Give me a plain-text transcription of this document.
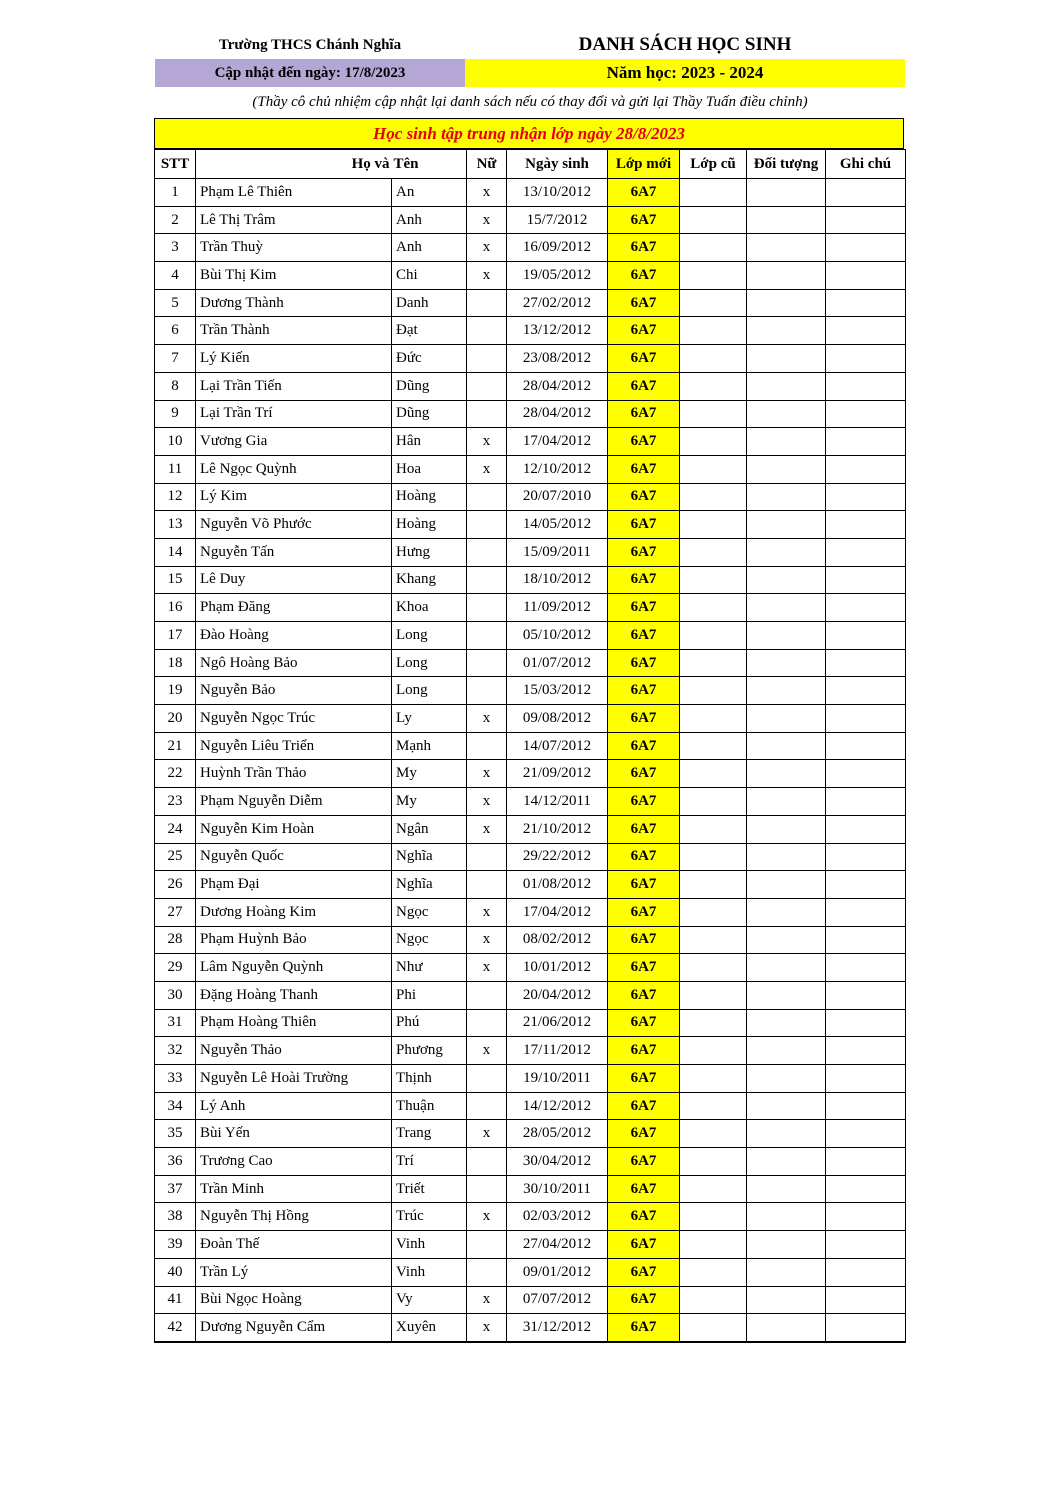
Trường THCS Chánh Nghĩa	DANH SÁCH HỌC SINH
Cập nhật đến ngày: 17/8/2023	Năm học: 2023 - 2024
(Thầy cô chủ nhiệm cập nhật lại danh sách nếu có thay đổi và gửi lại Thầy Tuấn điều chỉnh)
Học sinh tập trung nhận lớp ngày 28/8/2023
STT	Họ và	Tên	Nữ	Ngày sinh	Lớp mới	Lớp cũ	Đối tượng	Ghi chú
1	Phạm Lê Thiên	An	x	13/10/2012	6A7			
2	Lê Thị Trâm	Anh	x	15/7/2012	6A7			
3	Trần Thuỳ	Anh	x	16/09/2012	6A7			
4	Bùi Thị Kim	Chi	x	19/05/2012	6A7			
5	Dương Thành	Danh		27/02/2012	6A7			
6	Trần Thành	Đạt		13/12/2012	6A7			
7	Lý Kiến	Đức		23/08/2012	6A7			
8	Lại Trần Tiến	Dũng		28/04/2012	6A7			
9	Lại Trần Trí	Dũng		28/04/2012	6A7			
10	Vương Gia	Hân	x	17/04/2012	6A7			
11	Lê Ngọc Quỳnh	Hoa	x	12/10/2012	6A7			
12	Lý Kim	Hoàng		20/07/2010	6A7			
13	Nguyễn Võ Phước	Hoàng		14/05/2012	6A7			
14	Nguyễn Tấn	Hưng		15/09/2011	6A7			
15	Lê Duy	Khang		18/10/2012	6A7			
16	Phạm Đăng	Khoa		11/09/2012	6A7			
17	Đào Hoàng	Long		05/10/2012	6A7			
18	Ngô Hoàng Bảo	Long		01/07/2012	6A7			
19	Nguyễn Bảo	Long		15/03/2012	6A7			
20	Nguyễn Ngọc Trúc	Ly	x	09/08/2012	6A7			
21	Nguyễn Liêu Triển	Mạnh		14/07/2012	6A7			
22	Huỳnh Trần Thảo	My	x	21/09/2012	6A7			
23	Phạm Nguyễn Diễm	My	x	14/12/2011	6A7			
24	Nguyễn Kim Hoàn	Ngân	x	21/10/2012	6A7			
25	Nguyễn Quốc	Nghĩa		29/22/2012	6A7			
26	Phạm Đại	Nghĩa		01/08/2012	6A7			
27	Dương Hoàng Kim	Ngọc	x	17/04/2012	6A7			
28	Phạm Huỳnh Bảo	Ngọc	x	08/02/2012	6A7			
29	Lâm Nguyễn Quỳnh	Như	x	10/01/2012	6A7			
30	Đặng Hoàng Thanh	Phi		20/04/2012	6A7			
31	Phạm Hoàng Thiên	Phú		21/06/2012	6A7			
32	Nguyễn Thảo	Phương	x	17/11/2012	6A7			
33	Nguyễn Lê Hoài Trường	Thịnh		19/10/2011	6A7			
34	Lý Anh	Thuận		14/12/2012	6A7			
35	Bùi Yến	Trang	x	28/05/2012	6A7			
36	Trương Cao	Trí		30/04/2012	6A7			
37	Trần Minh	Triết		30/10/2011	6A7			
38	Nguyễn Thị Hồng	Trúc	x	02/03/2012	6A7			
39	Đoàn Thế	Vinh		27/04/2012	6A7			
40	Trần Lý	Vinh		09/01/2012	6A7			
41	Bùi Ngọc Hoàng	Vy	x	07/07/2012	6A7			
42	Dương Nguyễn Cẩm	Xuyên	x	31/12/2012	6A7			
